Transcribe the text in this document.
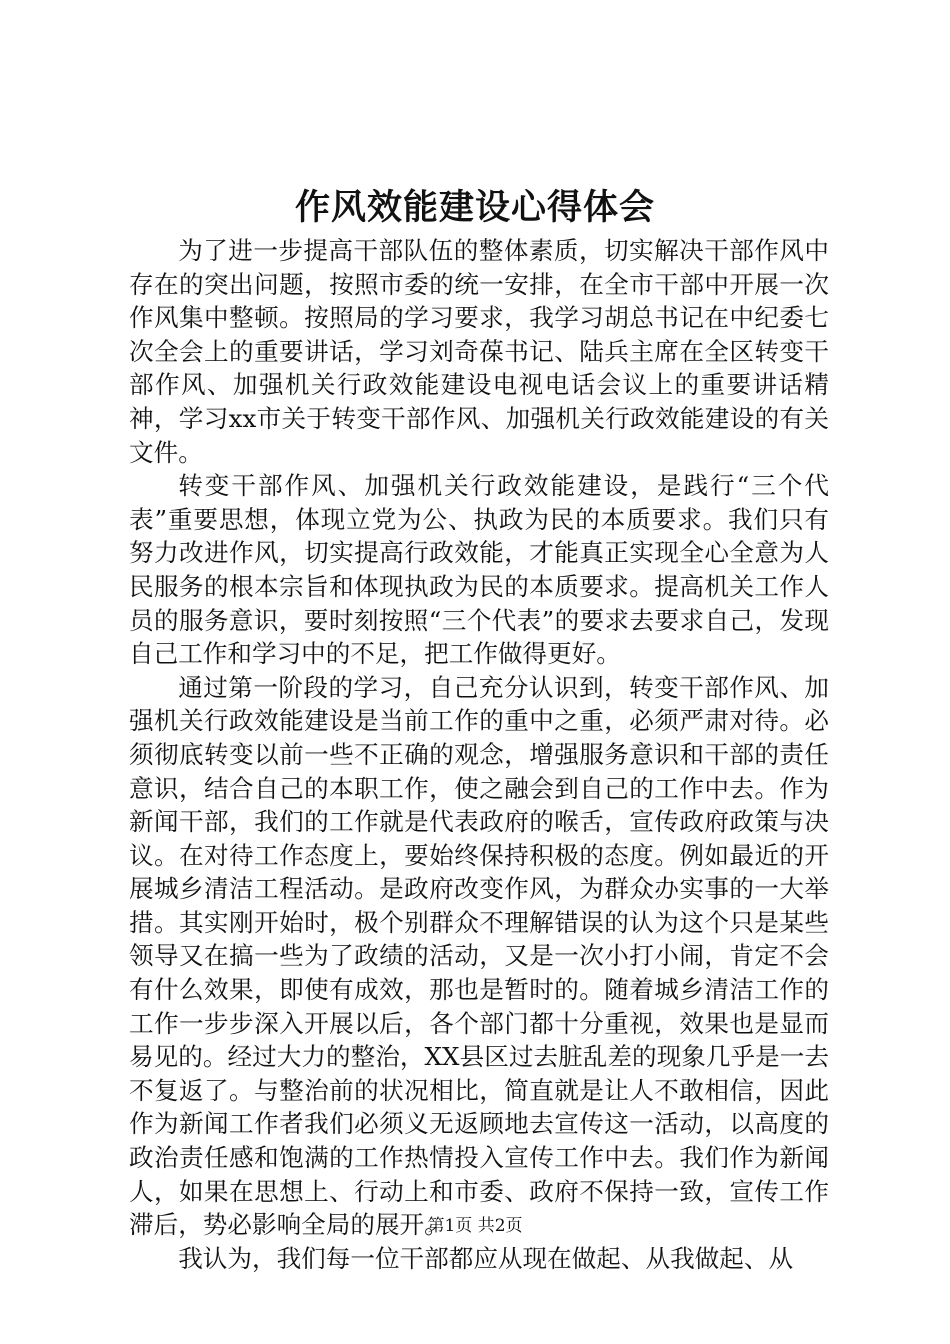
作风效能建设心得体会

为了进一步提高干部队伍的整体素质，切实解决干部作风中存在的突出问题，按照市委的统一安排，在全市干部中开展一次作风集中整顿。按照局的学习要求，我学习胡总书记在中纪委七次全会上的重要讲话，学习刘奇葆书记、陆兵主席在全区转变干部作风、加强机关行政效能建设电视电话会议上的重要讲话精神，学习xx市关于转变干部作风、加强机关行政效能建设的有关文件。

转变干部作风、加强机关行政效能建设，是践行“三个代表”重要思想，体现立党为公、执政为民的本质要求。我们只有努力改进作风，切实提高行政效能，才能真正实现全心全意为人民服务的根本宗旨和体现执政为民的本质要求。提高机关工作人员的服务意识，要时刻按照“三个代表”的要求去要求自己，发现自己工作和学习中的不足，把工作做得更好。

通过第一阶段的学习，自己充分认识到，转变干部作风、加强机关行政效能建设是当前工作的重中之重，必须严肃对待。必须彻底转变以前一些不正确的观念，增强服务意识和干部的责任意识，结合自己的本职工作，使之融会到自己的工作中去。作为新闻干部，我们的工作就是代表政府的喉舌，宣传政府政策与决议。在对待工作态度上，要始终保持积极的态度。例如最近的开展城乡清洁工程活动。是政府改变作风，为群众办实事的一大举措。其实刚开始时，极个别群众不理解错误的认为这个只是某些领导又在搞一些为了政绩的活动，又是一次小打小闹，肯定不会有什么效果，即使有成效，那也是暂时的。随着城乡清洁工作的工作一步步深入开展以后，各个部门都十分重视，效果也是显而易见的。经过大力的整治，XX县区过去脏乱差的现象几乎是一去不复返了。与整治前的状况相比，简直就是让人不敢相信，因此作为新闻工作者我们必须义无返顾地去宣传这一活动，以高度的政治责任感和饱满的工作热情投入宣传工作中去。我们作为新闻人，如果在思想上、行动上和市委、政府不保持一致，宣传工作滞后，势必影响全局的展开。

我认为，我们每一位干部都应从现在做起、从我做起、从

第1页 共2页
